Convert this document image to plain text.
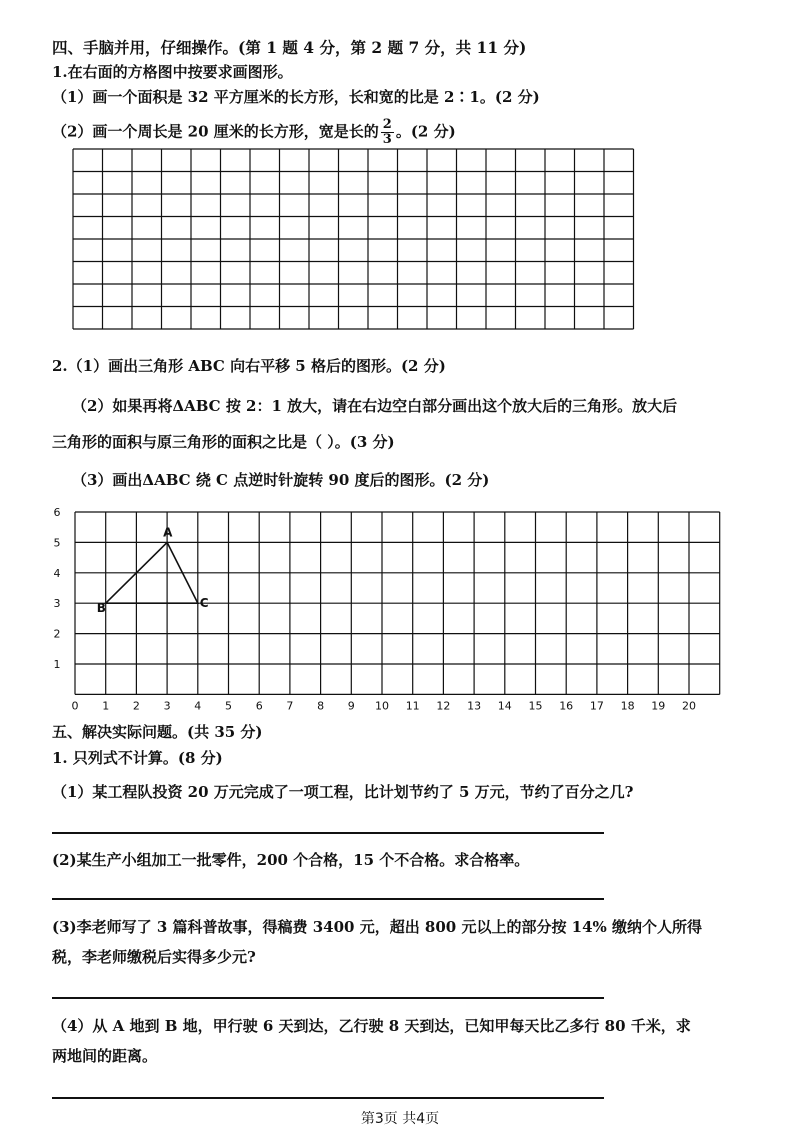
四、手脑并用，仔细操作。(第 1 题 4 分，第 2 题 7 分，共 11 分)
1.在右面的方格图中按要求画图形。
（1）画一个面积是 32 平方厘米的长方形，长和宽的比是 2∶1。(2 分)
（2）画一个周长是 20 厘米的长方形，宽是长的 $\frac{2}{3}$ 。(2 分)
2.（1）画出三角形 ABC 向右平移 5 格后的图形。(2 分)
（2）如果再将ΔABC 按 2：1 放大，请在右边空白部分画出这个放大后的三角形。放大后
三角形的面积与原三角形的面积之比是（ ）。(3 分)
（3）画出ΔABC 绕 C 点逆时针旋转 90 度后的图形。(2 分)
0 1 2 3 4 5 6 7 8 9 10 11 12 13 14 15 16 17 18 19 20
1
2
3
4
5
6
A
B	C
五、解决实际问题。(共 35 分)
1. 只列式不计算。(8 分)
（1）某工程队投资 20 万元完成了一项工程，比计划节约了 5 万元，节约了百分之几?
(2)某生产小组加工一批零件，200 个合格，15 个不合格。求合格率。
(3)李老师写了 3 篇科普故事，得稿费 3400 元，超出 800 元以上的部分按 14% 缴纳个人所得
税，李老师缴税后实得多少元?
（4）从 A 地到 B 地，甲行驶 6 天到达，乙行驶 8 天到达，已知甲每天比乙多行 80 千米，求
两地间的距离。
第3页 共4页
